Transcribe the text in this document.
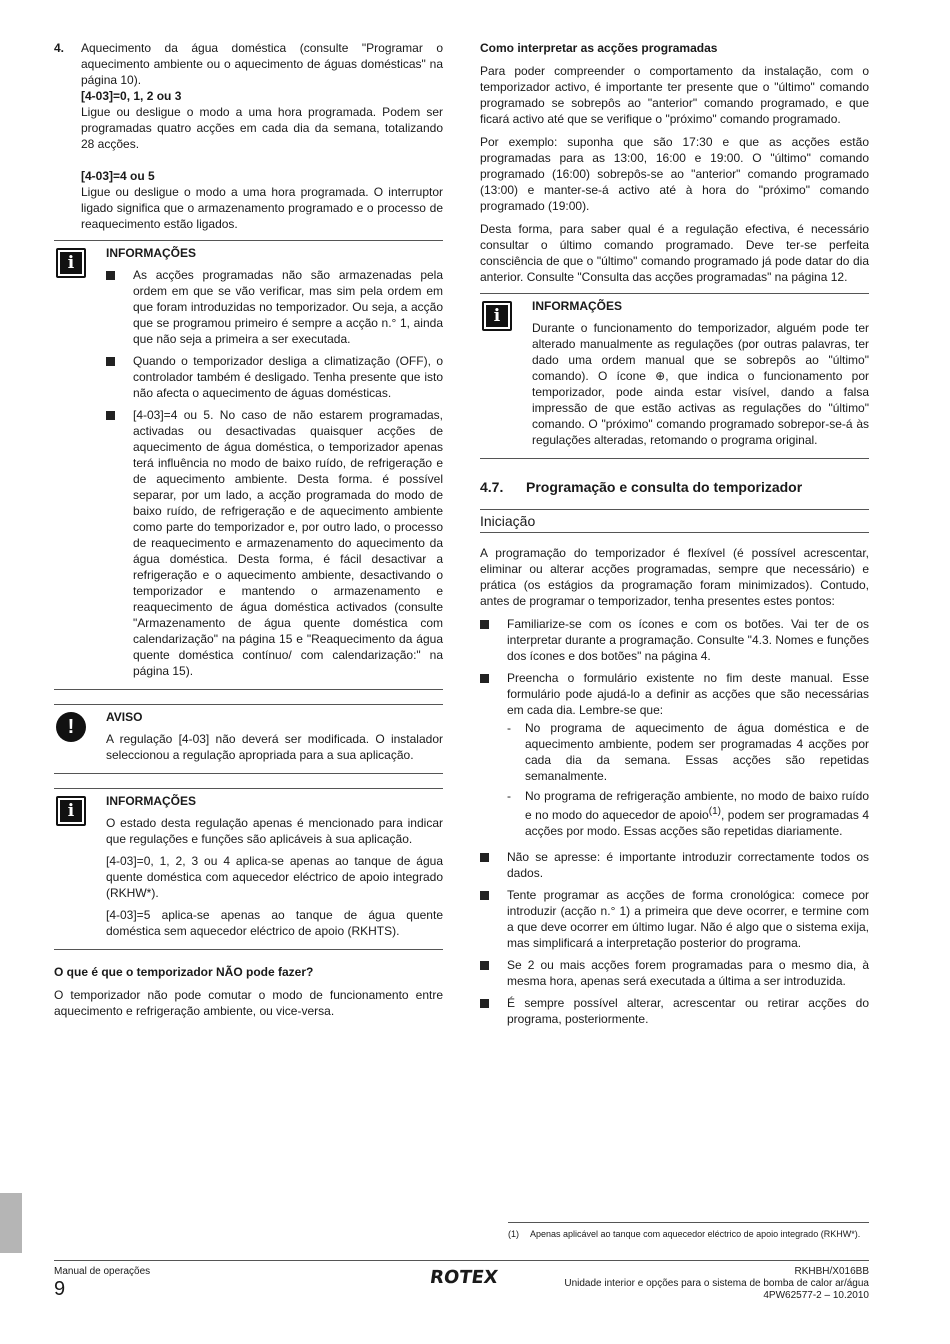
4.	Aquecimento da água doméstica (consulte "Programar o aquecimento ambiente ou o aquecimento de águas domésticas" na página 10).

[4-03]=0, 1, 2 ou 3

Ligue ou desligue o modo a uma hora programada. Podem ser programadas quatro acções em cada dia da semana, totalizando 28 acções.

[4-03]=4 ou 5

Ligue ou desligue o modo a uma hora programada. O interruptor ligado significa que o armazenamento programado e o processo de reaquecimento estão ligados.

i	INFORMAÇÕES
As acções programadas não são armazenadas pela ordem em que se vão verificar, mas sim pela ordem em que foram introduzidas no temporizador. Ou seja, a acção que se programou primeiro é sempre a acção n.° 1, ainda que não seja a primeira a ser executada.
Quando o temporizador desliga a climatização (OFF), o controlador também é desligado. Tenha presente que isto não afecta o aquecimento de águas domésticas.
[4-03]=4 ou 5. No caso de não estarem programadas, activadas ou desactivadas quaisquer acções de aquecimento de água doméstica, o temporizador apenas terá influência no modo de baixo ruído, de refrigeração e de aquecimento ambiente. Desta forma. é possível separar, por um lado, a acção programada do modo de baixo ruído, de refrigeração e de aquecimento ambiente como parte do temporizador e, por outro lado, o processo de reaquecimento e armazenamento do aquecimento da água doméstica. Desta forma, é fácil desactivar a refrigeração e o aquecimento ambiente, desactivando o temporizador e mantendo o armazenamento e reaquecimento de água doméstica activados (consulte "Armazenamento de água quente doméstica com calendarização" na página 15 e "Reaquecimento da água quente doméstica contínuo/ com calendarização:" na página 15).
!	AVISO

A regulação [4-03] não deverá ser modificada. O instalador seleccionou a regulação apropriada para a sua aplicação.

i	INFORMAÇÕES

O estado desta regulação apenas é mencionado para indicar que regulações e funções são aplicáveis à sua aplicação.

[4-03]=0, 1, 2, 3 ou 4 aplica-se apenas ao tanque de água quente doméstica com aquecedor eléctrico de apoio integrado (RKHW*).

[4-03]=5 aplica-se apenas ao tanque de água quente doméstica sem aquecedor eléctrico de apoio (RKHTS).

O que é que o temporizador NÃO pode fazer?

O temporizador não pode comutar o modo de funcionamento entre aquecimento e refrigeração ambiente, ou vice-versa.

Como interpretar as acções programadas

Para poder compreender o comportamento da instalação, com o temporizador activo, é importante ter presente que o "último" comando programado se sobrepôs ao "anterior" comando programado, e que ficará activo até que se verifique o "próximo" comando programado.

Por exemplo: suponha que são 17:30 e que as acções estão programadas para as 13:00, 16:00 e 19:00. O "último" comando programado (16:00) sobrepôs-se ao "anterior" comando programado (13:00) e manter-se-á activo até à hora do "próximo" comando programado (19:00).

Desta forma, para saber qual é a regulação efectiva, é necessário consultar o último comando programado. Deve ter-se perfeita consciência de que o "último" comando programado já pode datar do dia anterior. Consulte "Consulta das acções programadas" na página 12.

i	INFORMAÇÕES

Durante o funcionamento do temporizador, alguém pode ter alterado manualmente as regulações (por outras palavras, ter dado uma ordem manual que se sobrepôs ao "último" comando). O ícone ⊕, que indica o funcionamento por temporizador, pode ainda estar visível, dando a falsa impressão de que estão activas as regulações do "último" comando. O "próximo" comando programado sobrepor-se-á às regulações alteradas, retomando o programa original.

4.7.	Programação e consulta do temporizador
Iniciação

A programação do temporizador é flexível (é possível acrescentar, eliminar ou alterar acções programadas, sempre que necessário) e prática (os estágios da programação foram minimizados). Contudo, antes de programar o temporizador, tenha presentes estes pontos:

Familiarize-se com os ícones e com os botões. Vai ter de os interpretar durante a programação. Consulte "4.3. Nomes e funções dos ícones e dos botões" na página 4.
Preencha o formulário existente no fim deste manual. Esse formulário pode ajudá-lo a definir as acções que são necessárias em cada dia. Lembre-se que:
-	No programa de aquecimento de água doméstica e de aquecimento ambiente, podem ser programadas 4 acções por cada dia da semana. Essas acções são repetidas semanalmente.
-	No programa de refrigeração ambiente, no modo de baixo ruído e no modo do aquecedor de apoio$^{(1)}$, podem ser programadas 4 acções por modo. Essas acções são repetidas diariamente.
Não se apresse: é importante introduzir correctamente todos os dados.
Tente programar as acções de forma cronológica: comece por introduzir (acção n.° 1) a primeira que deve ocorrer, e termine com a que deve ocorrer em último lugar. Não é algo que o sistema exija, mas simplificará a interpretação posterior do programa.
Se 2 ou mais acções forem programadas para o mesmo dia, à mesma hora, apenas será executada a última a ser introduzida.
É sempre possível alterar, acrescentar ou retirar acções do programa, posteriormente.
(1)	Apenas aplicável ao tanque com aquecedor eléctrico de apoio integrado (RKHW*).
Manual de operações
9
ROTEX	RKHBH/X016BB
Unidade interior e opções para o sistema de bomba de calor ar/água
4PW62577-2 – 10.2010
